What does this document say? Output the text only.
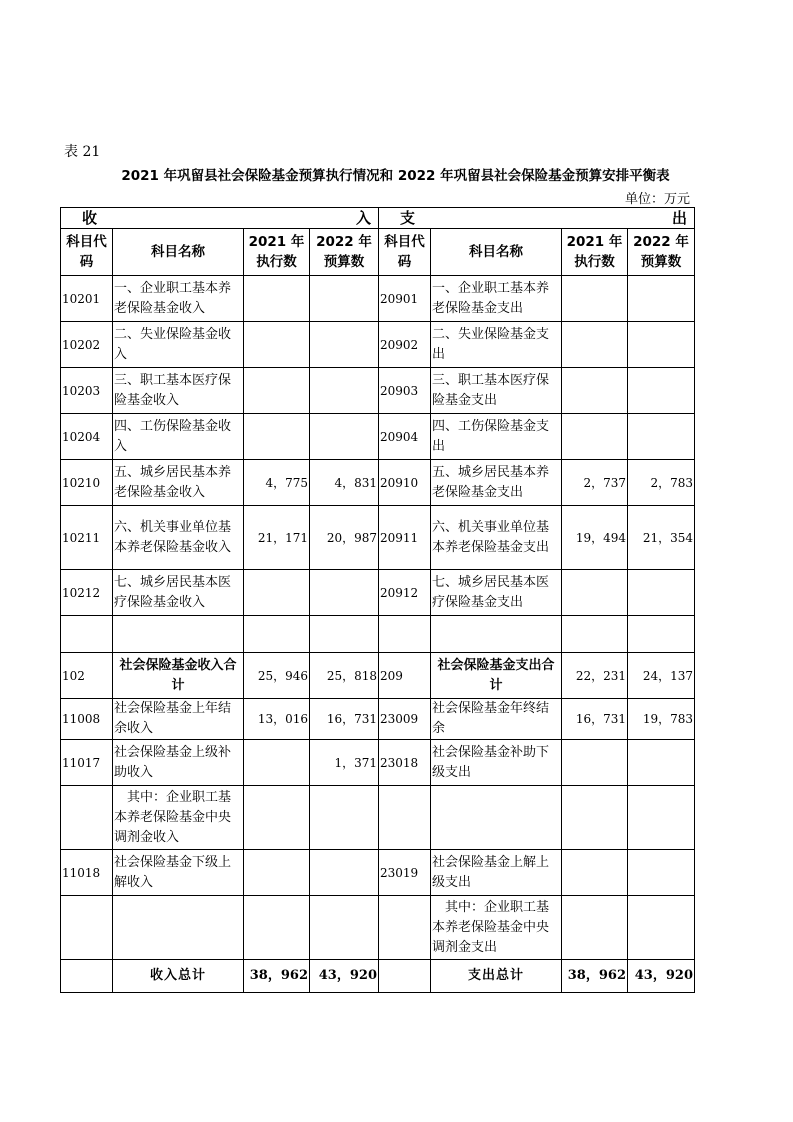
表 21
2021 年巩留县社会保险基金预算执行情况和 2022 年巩留县社会保险基金预算安排平衡表
单位：万元
收 入				支 出			

科目代码	科目名称	2021 年执行数	2022 年预算数	科目代码	科目名称	2021 年执行数	2022 年预算数
10201	一、企业职工基本养老保险基金收入			20901	一、企业职工基本养老保险基金支出		
10202	二、失业保险基金收入			20902	二、失业保险基金支出		
10203	三、职工基本医疗保险基金收入			20903	三、职工基本医疗保险基金支出		
10204	四、工伤保险基金收入			20904	四、工伤保险基金支出		
10210	五、城乡居民基本养老保险基金收入	4，775	4，831	20910	五、城乡居民基本养老保险基金支出	2，737	2，783
10211	六、机关事业单位基本养老保险基金收入	21，171	20，987	20911	六、机关事业单位基本养老保险基金支出	19，494	21，354
10212	七、城乡居民基本医疗保险基金收入			20912	七、城乡居民基本医疗保险基金支出		

102	社会保险基金收入合计	25，946	25，818	209	社会保险基金支出合计	22，231	24，137
11008	社会保险基金上年结余收入	13，016	16，731	23009	社会保险基金年终结余	16，731	19，783
11017	社会保险基金上级补助收入		1，371	23018	社会保险基金补助下级支出		
	　其中：企业职工基本养老保险基金中央调剂金收入						
11018	社会保险基金下级上解收入			23019	社会保险基金上解上级支出		
					　其中：企业职工基本养老保险基金中央调剂金支出		
	收入总计	38，962	43，920		支出总计	38，962	43，920
